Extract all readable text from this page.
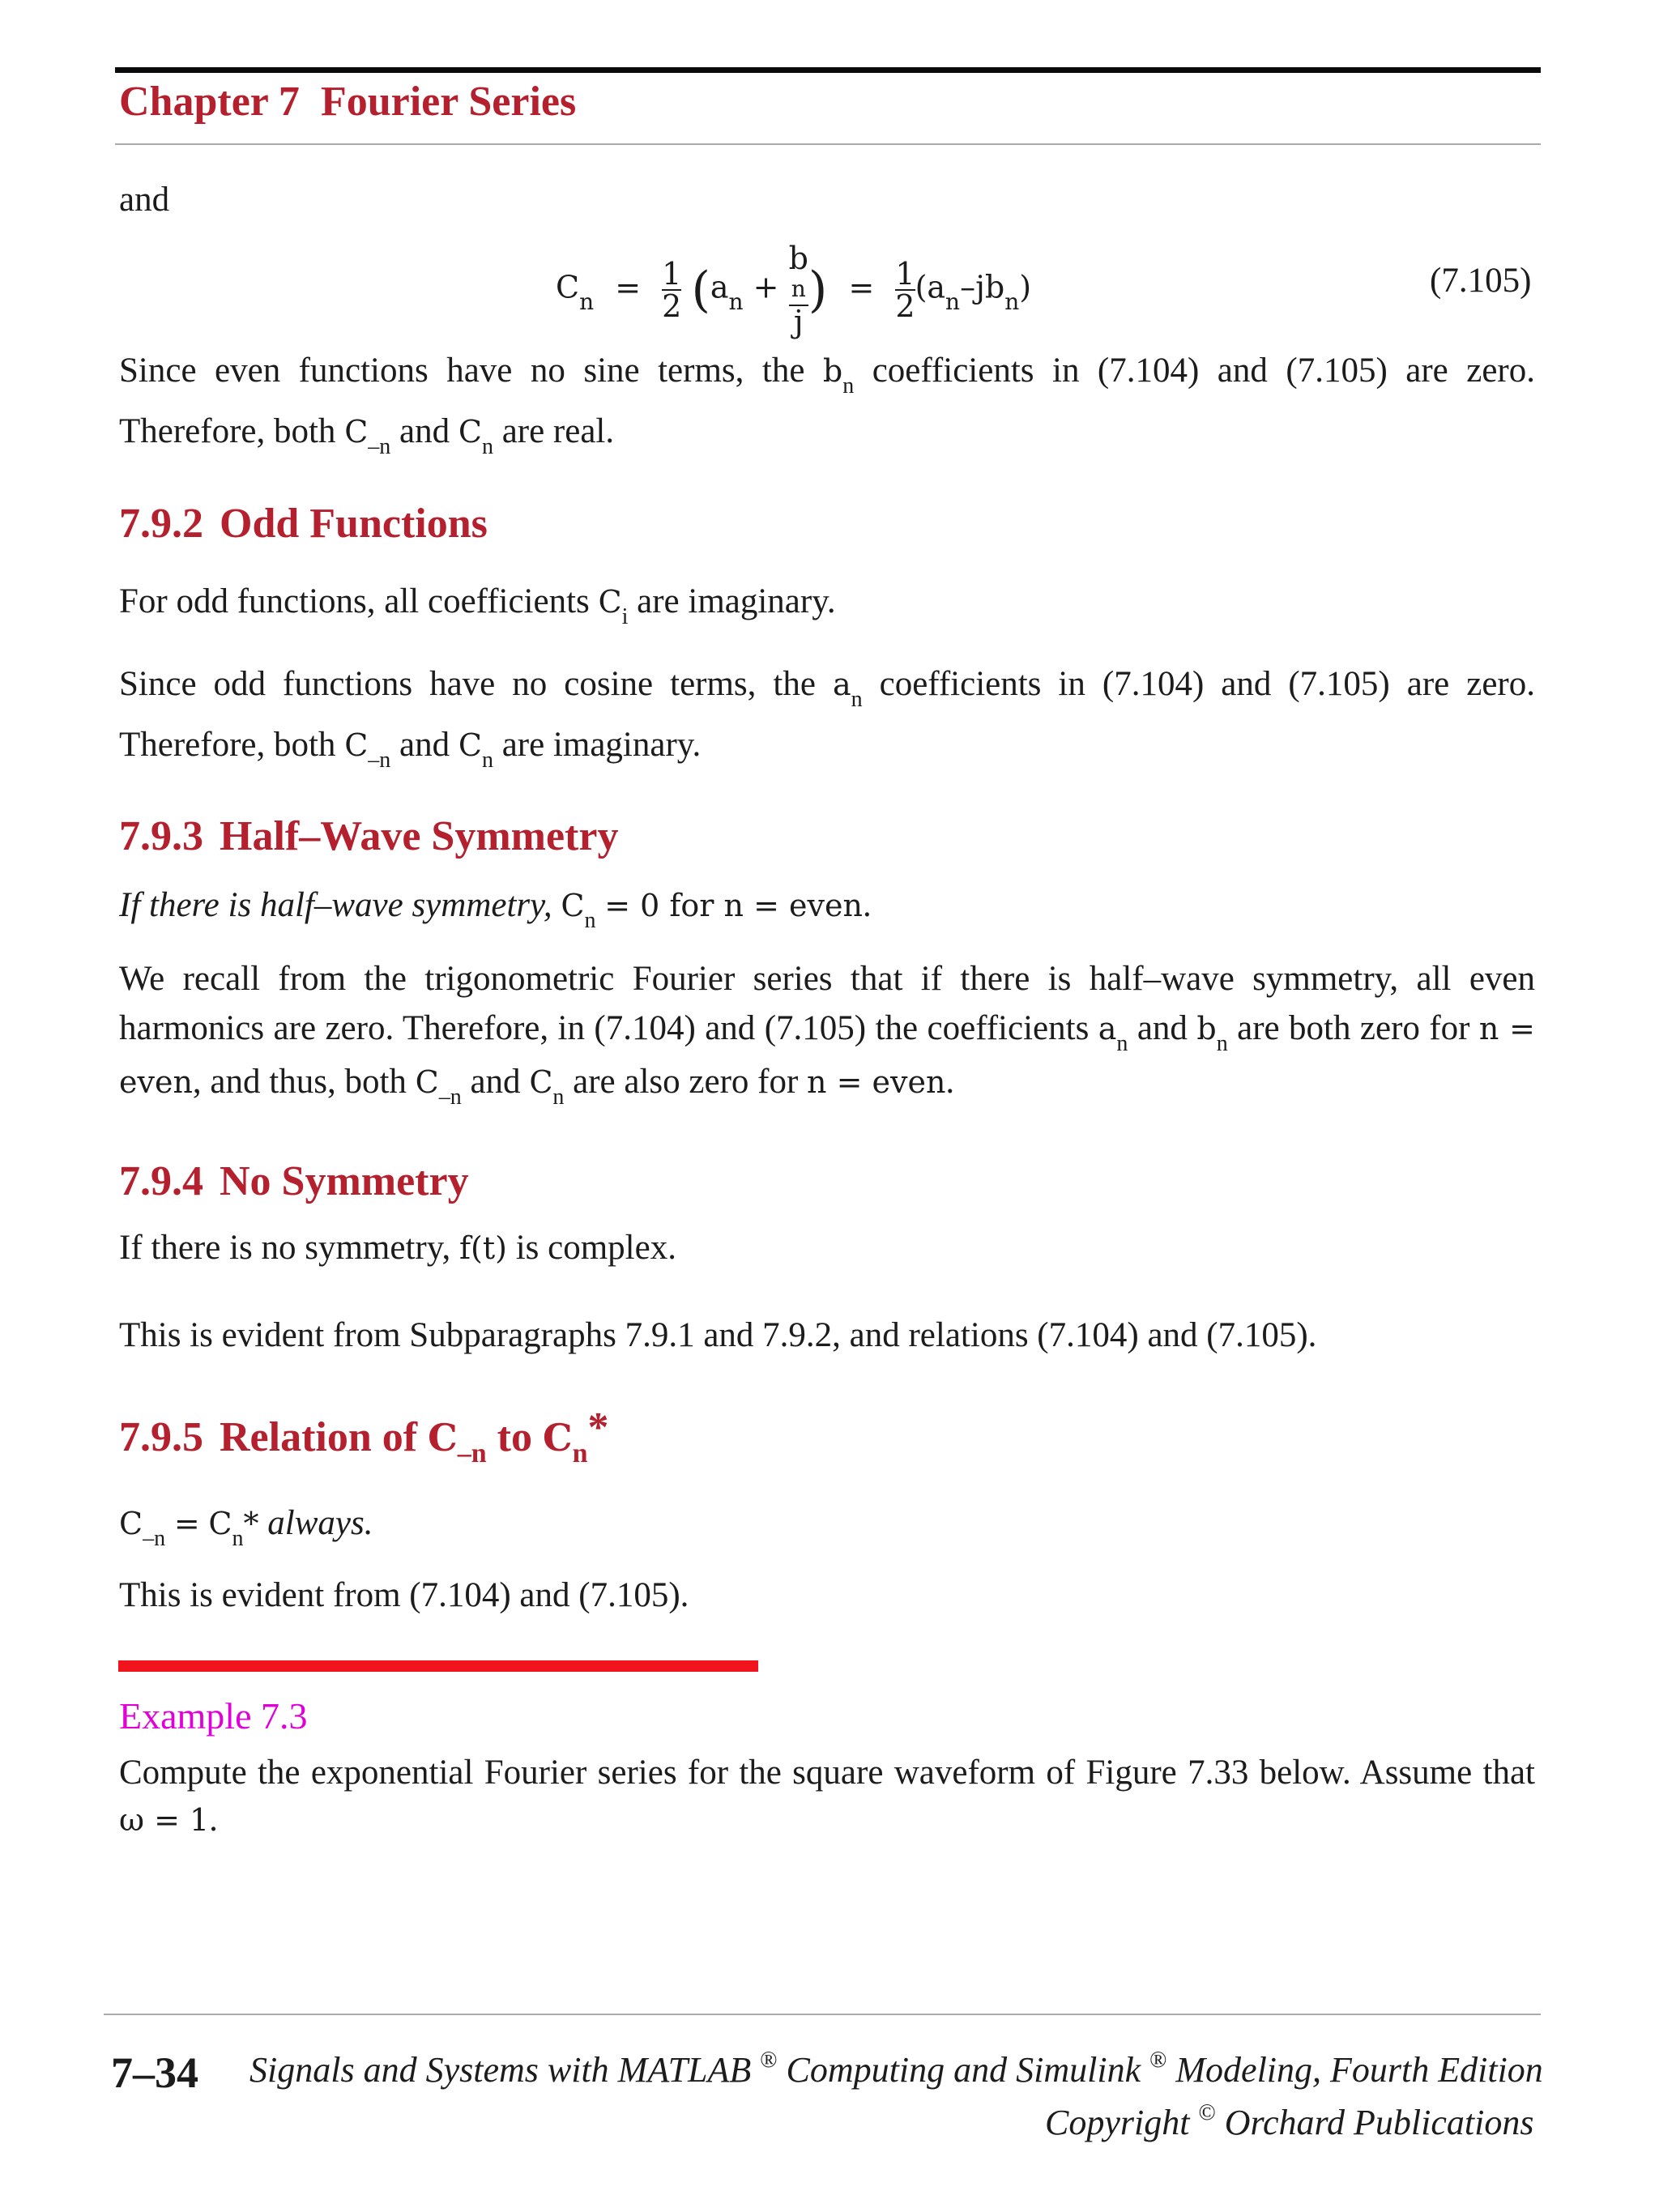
Chapter 7 Fourier Series
and
$C_n = \frac{1}{2} (a_n + b$
n
j ) = $\frac{1}{2} (a_n-jb_n)$	(7.105)
Since even functions have no sine terms, the $b_n$ coefficients in (7.104) and (7.105) are zero. Therefore, both $C_{-n}$ and $C_n$ are real.
7.9.2 Odd Functions
For odd functions, all coefficients $C_i$ are imaginary.
Since odd functions have no cosine terms, the $a_n$ coefficients in (7.104) and (7.105) are zero. Therefore, both $C_{-n}$ and $C_n$ are imaginary.
7.9.3 Half–Wave Symmetry
If there is half–wave symmetry, $C_n = 0$ for n = even.
We recall from the trigonometric Fourier series that if there is half–wave symmetry, all even harmonics are zero. Therefore, in (7.104) and (7.105) the coefficients $a_n$ and $b_n$ are both zero for n = even, and thus, both $C_{-n}$ and $C_n$ are also zero for n = even.
7.9.4 No Symmetry
If there is no symmetry, f(t) is complex.
This is evident from Subparagraphs 7.9.1 and 7.9.2, and relations (7.104) and (7.105).
7.9.5 Relation of $C_{-n}$ to $C_n*$
$C_{-n} = C_n*$ always.
This is evident from (7.104) and (7.105).
Example 7.3
Compute the exponential Fourier series for the square waveform of Figure 7.33 below. Assume that ω = 1.
7–34 Signals and Systems with MATLAB ® Computing and Simulink ® Modeling, Fourth Edition
Copyright © Orchard Publications
